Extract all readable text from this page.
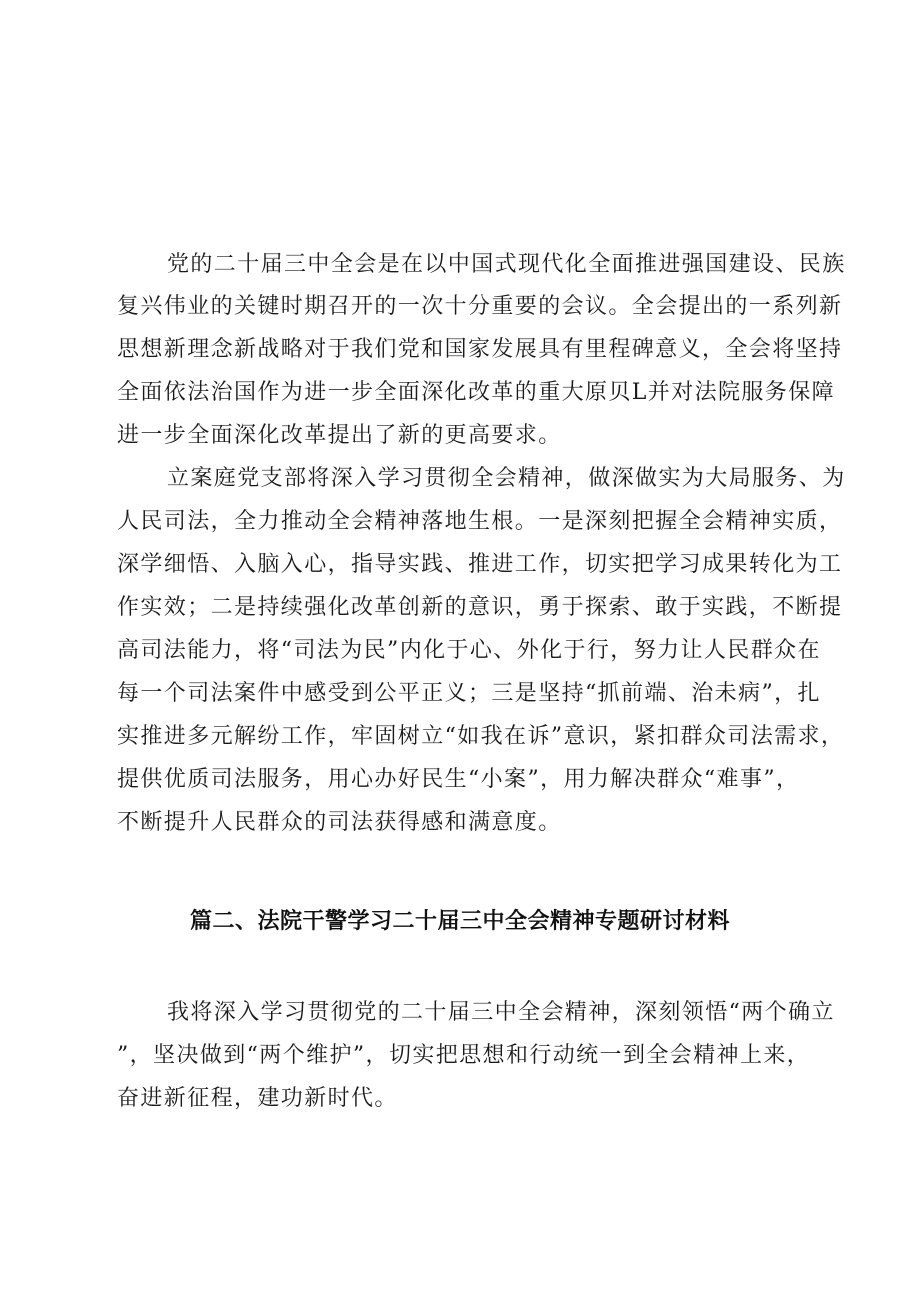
党的二十届三中全会是在以中国式现代化全面推进强国建设、民族
复兴伟业的关键时期召开的一次十分重要的会议。全会提出的一系列新
思想新理念新战略对于我们党和国家发展具有里程碑意义，全会将坚持
全面依法治国作为进一步全面深化改革的重大原贝L并对法院服务保障
进一步全面深化改革提出了新的更高要求。
立案庭党支部将深入学习贯彻全会精神，做深做实为大局服务、为
人民司法，全力推动全会精神落地生根。一是深刻把握全会精神实质，
深学细悟、入脑入心，指导实践、推进工作，切实把学习成果转化为工
作实效；二是持续强化改革创新的意识，勇于探索、敢于实践，不断提
高司法能力，将“司法为民”内化于心、外化于行，努力让人民群众在
每一个司法案件中感受到公平正义；三是坚持“抓前端、治未病”，扎
实推进多元解纷工作，牢固树立“如我在诉”意识，紧扣群众司法需求，
提供优质司法服务，用心办好民生“小案”，用力解决群众“难事”，
不断提升人民群众的司法获得感和满意度。
篇二、法院干警学习二十届三中全会精神专题研讨材料
我将深入学习贯彻党的二十届三中全会精神，深刻领悟“两个确立
”，坚决做到“两个维护”，切实把思想和行动统一到全会精神上来，
奋进新征程，建功新时代。
